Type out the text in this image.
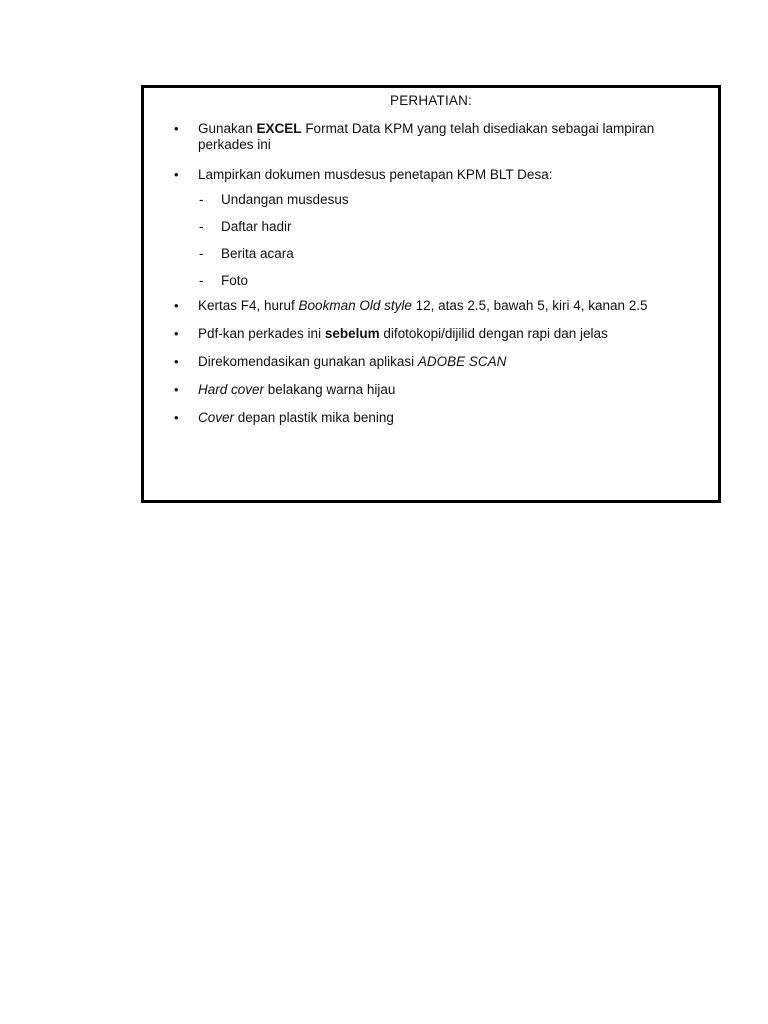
PERHATIAN:
• Gunakan EXCEL Format Data KPM yang telah disediakan sebagai lampiran perkades ini
• Lampirkan dokumen musdesus penetapan KPM BLT Desa:
- Undangan musdesus
- Daftar hadir
- Berita acara
- Foto
• Kertas F4, huruf Bookman Old style 12, atas 2.5, bawah 5, kiri 4, kanan 2.5
• Pdf-kan perkades ini sebelum difotokopi/dijilid dengan rapi dan jelas
• Direkomendasikan gunakan aplikasi ADOBE SCAN
• Hard cover belakang warna hijau
• Cover depan plastik mika bening
